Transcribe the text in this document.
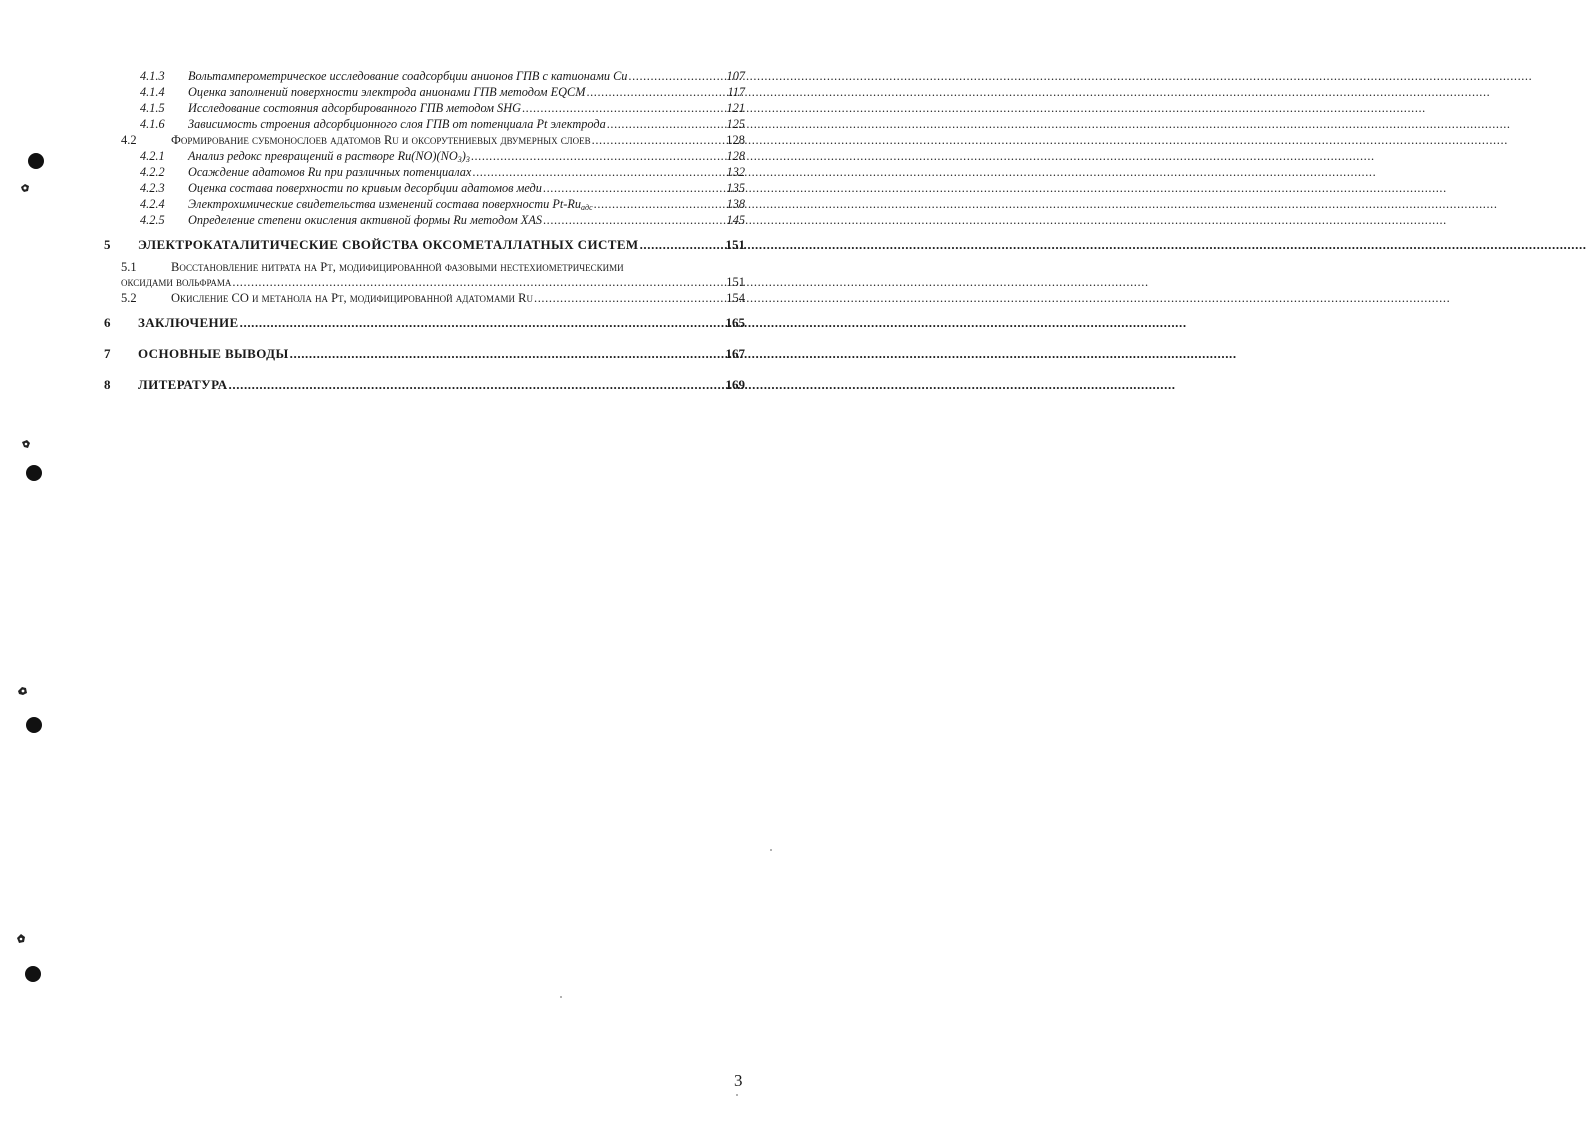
4.1.3	Вольтамперометрическое исследование соадсорбции анионов ГПВ с катионами Cu .....	107
4.1.4	Оценка заполнений поверхности электрода анионами ГПВ методом EQCM .....	117
4.1.5	Исследование состояния адсорбированного ГПВ методом SHG .....	121
4.1.6	Зависимость строения адсорбционного слоя ГПВ от потенциала Pt электрода .....	125
4.2	Формирование субмонослоев адатомов Ru и оксорутениевых двумерных слоев .....	128
4.2.1	Анализ редокс превращений в растворе $Ru(NO)(NO_3)_3$ .....	128
4.2.2	Осаждение адатомов Ru при различных потенциалах .....	132
4.2.3	Оценка состава поверхности по кривым десорбции адатомов меди .....	135
4.2.4	Электрохимические свидетельства изменений состава поверхности $Pt-Ru_{адс}$ .....	138
4.2.5	Определение степени окисления активной формы Ru методом XAS .....	145
5	ЭЛЕКТРОКАТАЛИТИЧЕСКИЕ СВОЙСТВА ОКСОМЕТАЛЛАТНЫХ СИСТЕМ .....	151
5.1	Восстановление нитрата на Pt, модифицированной фазовыми нестехиометрическими
оксидами вольфрама .....	151
5.2	Окисление CO и метанола на Pt, модифицированной адатомами Ru .....	154
6	ЗАКЛЮЧЕНИЕ .....	165
7	ОСНОВНЫЕ ВЫВОДЫ .....	167
8	ЛИТЕРАТУРА .....	169
3
